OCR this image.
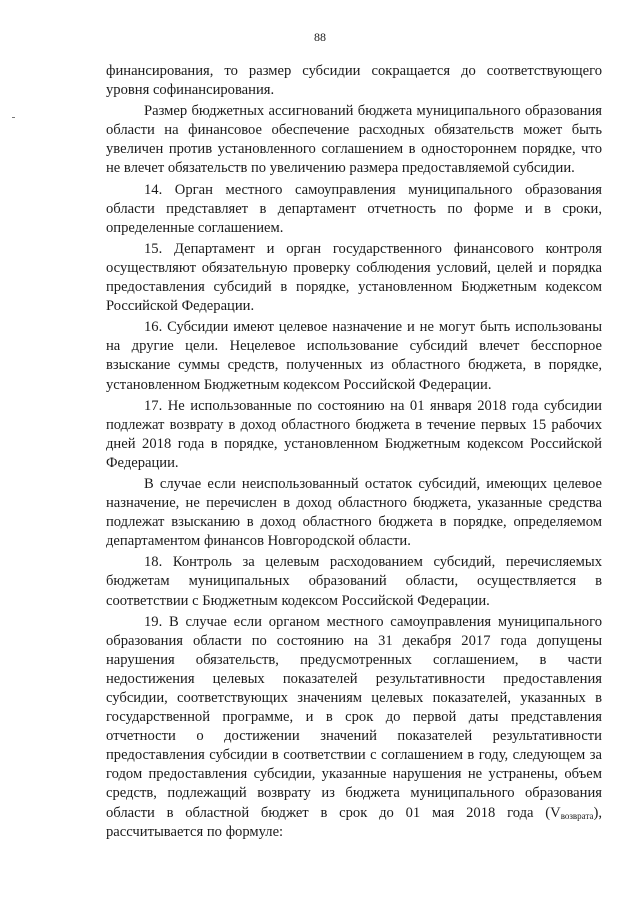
88

финансирования, то размер субсидии сокращается до соответствующего уровня софинансирования.

Размер бюджетных ассигнований бюджета муниципального образования области на финансовое обеспечение расходных обязательств может быть увеличен против установленного соглашением в одностороннем порядке, что не влечет обязательств по увеличению размера предоставляемой субсидии.

14. Орган местного самоуправления муниципального образования области представляет в департамент отчетность по форме и в сроки, определенные соглашением.

15. Департамент и орган государственного финансового контроля осуществляют обязательную проверку соблюдения условий, целей и порядка предоставления субсидий в порядке, установленном Бюджетным кодексом Российской Федерации.

16. Субсидии имеют целевое назначение и не могут быть использованы на другие цели. Нецелевое использование субсидий влечет бесспорное взыскание суммы средств, полученных из областного бюджета, в порядке, установленном Бюджетным кодексом Российской Федерации.

17. Не использованные по состоянию на 01 января 2018 года субсидии подлежат возврату в доход областного бюджета в течение первых 15 рабочих дней 2018 года в порядке, установленном Бюджетным кодексом Российской Федерации.

В случае если неиспользованный остаток субсидий, имеющих целевое назначение, не перечислен в доход областного бюджета, указанные средства подлежат взысканию в доход областного бюджета в порядке, определяемом департаментом финансов Новгородской области.

18. Контроль за целевым расходованием субсидий, перечисляемых бюджетам муниципальных образований области, осуществляется в соответствии с Бюджетным кодексом Российской Федерации.

19. В случае если органом местного самоуправления муниципального образования области по состоянию на 31 декабря 2017 года допущены нарушения обязательств, предусмотренных соглашением, в части недостижения целевых показателей результативности предоставления субсидии, соответствующих значениям целевых показателей, указанных в государственной программе, и в срок до первой даты представления отчетности о достижении значений показателей результативности предоставления субсидии в соответствии с соглашением в году, следующем за годом предоставления субсидии, указанные нарушения не устранены, объем средств, подлежащий возврату из бюджета муниципального образования области в областной бюджет в срок до 01 мая 2018 года $(V_{возврата})$, рассчитывается по формуле:
